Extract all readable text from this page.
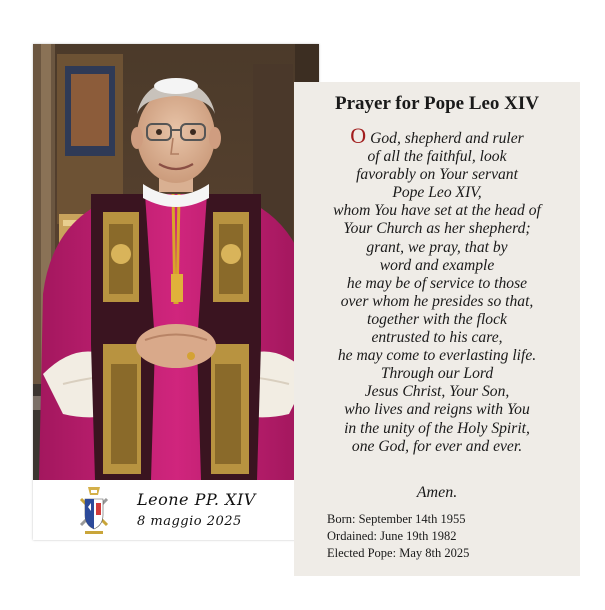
Leone PP. XIV
8 maggio 2025
Prayer for Pope Leo XIV
O God, shepherd and ruler
of all the faithful, look
favorably on Your servant
Pope Leo XIV,
whom You have set at the head of
Your Church as her shepherd;
grant, we pray, that by
word and example
he may be of service to those
over whom he presides so that,
together with the flock
entrusted to his care,
he may come to everlasting life.
Through our Lord
Jesus Christ, Your Son,
who lives and reigns with You
in the unity of the Holy Spirit,
one God, for ever and ever.
Amen.
Born: September 14th 1955
Ordained: June 19th 1982
Elected Pope: May 8th 2025
